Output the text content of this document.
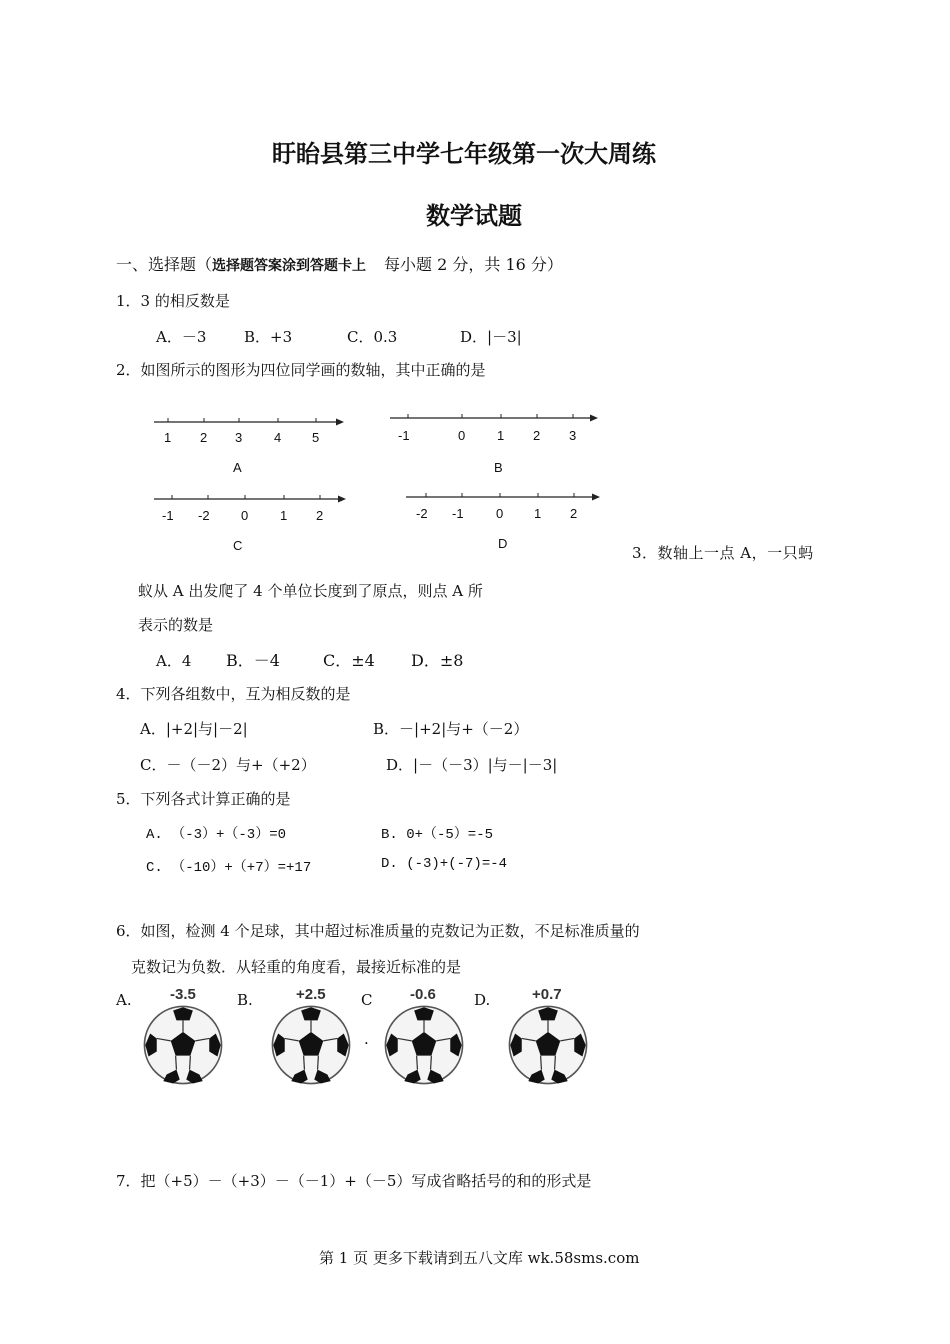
盱眙县第三中学七年级第一次大周练
数学试题
一、选择题（选择题答案涂到答题卡上 每小题 2 分，共 16 分）
1．3 的相反数是
A．－3	B．+3	C．0.3	D．|－3|
2．如图所示的图形为四位同学画的数轴，其中正确的是
1 2 3 4 5
A
-1	0 1 2 3
B
-1 -2 0 1 2
C
-2 -1 0 1 2
D
3．数轴上一点 A，一只蚂
蚁从 A 出发爬了 4 个单位长度到了原点，则点 A 所
表示的数是
A．4 B．－4	C．±4 D．±8
4．下列各组数中，互为相反数的是
A．|+2|与|－2|	B．－|+2|与+（－2）
C．－（－2）与+（+2）	D．|－（－3）|与－|－3|
5．下列各式计算正确的是
A. （-3）+（-3）=0	B. 0+（-5）=-5
C. （-10）+（+7）=+17	D. (-3)+(-7)=-4
6．如图，检测 4 个足球，其中超过标准质量的克数记为正数，不足标准质量的
克数记为负数．从轻重的角度看，最接近标准的是
A.	B.	C	D.
-3.5	+2.5	-0.6	+0.7
.
7．把（+5）－（+3）－（－1）+（－5）写成省略括号的和的形式是
第 1 页 更多下载请到五八文库 wk.58sms.com
